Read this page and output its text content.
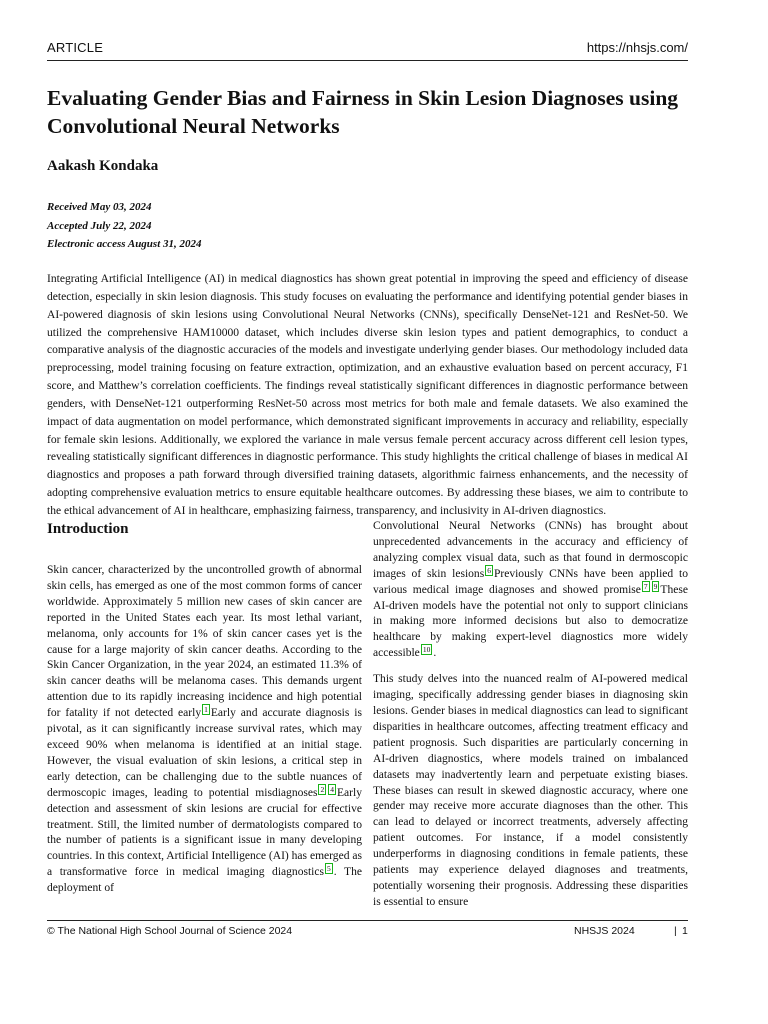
ARTICLE	https://nhsjs.com/
Evaluating Gender Bias and Fairness in Skin Lesion Diagnoses using Convolutional Neural Networks
Aakash Kondaka
Received May 03, 2024
Accepted July 22, 2024
Electronic access August 31, 2024

Integrating Artificial Intelligence (AI) in medical diagnostics has shown great potential in improving the speed and efficiency of disease detection, especially in skin lesion diagnosis. This study focuses on evaluating the performance and identifying potential gender biases in AI-powered diagnosis of skin lesions using Convolutional Neural Networks (CNNs), specifically DenseNet-121 and ResNet-50. We utilized the comprehensive HAM10000 dataset, which includes diverse skin lesion types and patient demographics, to conduct a comparative analysis of the diagnostic accuracies of the models and investigate underlying gender biases. Our methodology included data preprocessing, model training focusing on feature extraction, optimization, and an exhaustive evaluation based on percent accuracy, F1 score, and Matthew’s correlation coefficients. The findings reveal statistically significant differences in diagnostic performance between genders, with DenseNet-121 outperforming ResNet-50 across most metrics for both male and female datasets. We also examined the impact of data augmentation on model performance, which demonstrated significant improvements in accuracy and reliability, especially for female skin lesions. Additionally, we explored the variance in male versus female percent accuracy across different cell lesion types, revealing statistically significant differences in diagnostic performance. This study highlights the critical challenge of biases in medical AI diagnostics and proposes a path forward through diversified training datasets, algorithmic fairness enhancements, and the necessity of adopting comprehensive evaluation metrics to ensure equitable healthcare outcomes. By addressing these biases, we aim to contribute to the ethical advancement of AI in healthcare, emphasizing fairness, transparency, and inclusivity in AI-driven diagnostics.

Introduction

Skin cancer, characterized by the uncontrolled growth of abnormal skin cells, has emerged as one of the most common forms of cancer worldwide. Approximately 5 million new cases of skin cancer are reported in the United States each year. Its most lethal variant, melanoma, only accounts for 1% of skin cancer cases yet is the cause for a large majority of skin cancer deaths. According to the Skin Cancer Organization, in the year 2024, an estimated 11.3% of skin cancer deaths will be melanoma cases. This demands urgent attention due to its rapidly increasing incidence and high potential for fatality if not detected early $^1$ Early and accurate diagnosis is pivotal, as it can significantly increase survival rates, which may exceed 90% when melanoma is identified at an initial stage. However, the visual evaluation of skin lesions, a critical step in early detection, can be challenging due to the subtle nuances of dermoscopic images, leading to potential misdiagnoses $^2$ $^4$ Early detection and assessment of skin lesions are crucial for effective treatment. Still, the limited number of dermatologists compared to the number of patients is a significant issue in many developing countries. In this context, Artificial Intelligence (AI) has emerged as a transformative force in medical imaging diagnostics $^5$ . The deployment of

Convolutional Neural Networks (CNNs) has brought about unprecedented advancements in the accuracy and efficiency of analyzing complex visual data, such as that found in dermoscopic images of skin lesions $^6$ Previously CNNs have been applied to various medical image diagnoses and showed promise $^7$ $^9$ These AI-driven models have the potential not only to support clinicians in making more informed decisions but also to democratize healthcare by making expert-level diagnostics more widely accessible $^{10}$ .

This study delves into the nuanced realm of AI-powered medical imaging, specifically addressing gender biases in diagnosing skin lesions. Gender biases in medical diagnostics can lead to significant disparities in healthcare outcomes, affecting treatment efficacy and patient prognosis. Such disparities are particularly concerning in AI-driven diagnostics, where models trained on imbalanced datasets may inadvertently learn and perpetuate existing biases. These biases can result in skewed diagnostic accuracy, where one gender may receive more accurate diagnoses than the other. This can lead to delayed or incorrect treatments, adversely affecting patient outcomes. For instance, if a model consistently underperforms in diagnosing conditions in female patients, these patients may experience delayed diagnoses and treatments, potentially worsening their prognosis. Addressing these disparities is essential to ensure

© The National High School Journal of Science 2024	NHSJS 2024	| 1
